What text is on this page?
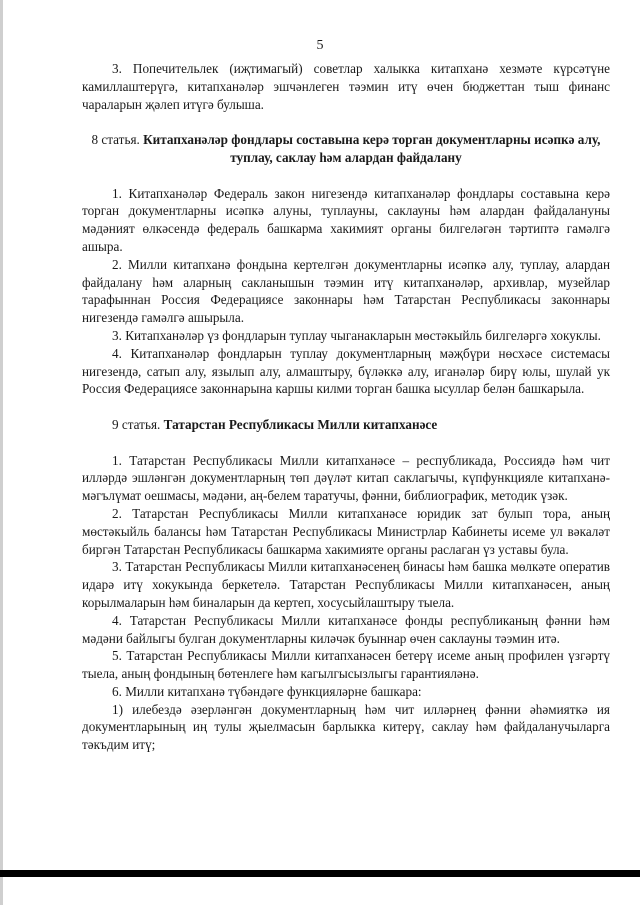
5

3. Попечительлек (иҗтимагый) советлар халыкка китапханә хезмәте күрсәтүне камиллаштерүгә, китапханәләр эшчәнлеген тәэмин итү өчен бюджеттан тыш финанс чараларын җәлеп итүгә булыша.

8 статья. Китапханәләр фондлары составына керә торган документларны исәпкә алу, туплау, саклау һәм алардан файдалану

1. Китапханәләр Федераль закон нигезендә китапханәләр фондлары составына керә торган документларны исәпкә алуны, туплауны, саклауны һәм алардан файдалануны мәдәният өлкәсендә федераль башкарма хакимият органы билгеләгән тәртиптә гамәлгә ашыра.

2. Милли китапханә фондына кертелгән документларны исәпкә алу, туплау, алардан файдалану һәм аларның сакланышын тәэмин итү китапханәләр, архивлар, музейлар тарафыннан Россия Федерациясе законнары һәм Татарстан Республикасы законнары нигезендә гамәлгә ашырыла.

3. Китапханәләр үз фондларын туплау чыганакларын мөстәкыйль билгеләргә хокуклы.

4. Китапханәләр фондларын туплау документларның мәҗбүри нөсхәсе системасы нигезендә, сатып алу, язылып алу, алмаштыру, бүләккә алу, иганәләр бирү юлы, шулай ук Россия Федерациясе законнарына каршы килми торган башка ысуллар белән башкарыла.

9 статья. Татарстан Республикасы Милли китапханәсе

1. Татарстан Республикасы Милли китапханәсе – республикада, Россиядә һәм чит илләрдә эшләнгән документларның төп дәүләт китап саклагычы, күпфункцияле китапханә-мәгълүмат оешмасы, мәдәни, аң-белем таратучы, фәнни, библиографик, методик үзәк.

2. Татарстан Республикасы Милли китапханәсе юридик зат булып тора, аның мөстәкыйль балансы һәм Татарстан Республикасы Министрлар Кабинеты исеме ул вәкаләт биргән Татарстан Республикасы башкарма хакимияте органы раслаган үз уставы була.

3. Татарстан Республикасы Милли китапханәсенең бинасы һәм башка мөлкәте оператив идарә итү хокукында беркетелә. Татарстан Республикасы Милли китапханәсен, аның корылмаларын һәм биналарын да кертеп, хосусыйлаштыру тыела.

4. Татарстан Республикасы Милли китапханәсе фонды республиканың фәнни һәм мәдәни байлыгы булган документларны киләчәк буыннар өчен саклауны тәэмин итә.

5. Татарстан Республикасы Милли китапханәсен бетерү исеме аның профилен үзгәртү тыела, аның фондының бөтенлеге һәм кагылгысызлыгы гарантияләнә.

6. Милли китапханә түбәндәге функцияләрне башкара:

1) илебездә әзерләнгән документларның һәм чит илләрнең фәнни әһәмияткә ия документларының иң тулы җыелмасын барлыкка китерү, саклау һәм файдаланучыларга тәкъдим итү;
